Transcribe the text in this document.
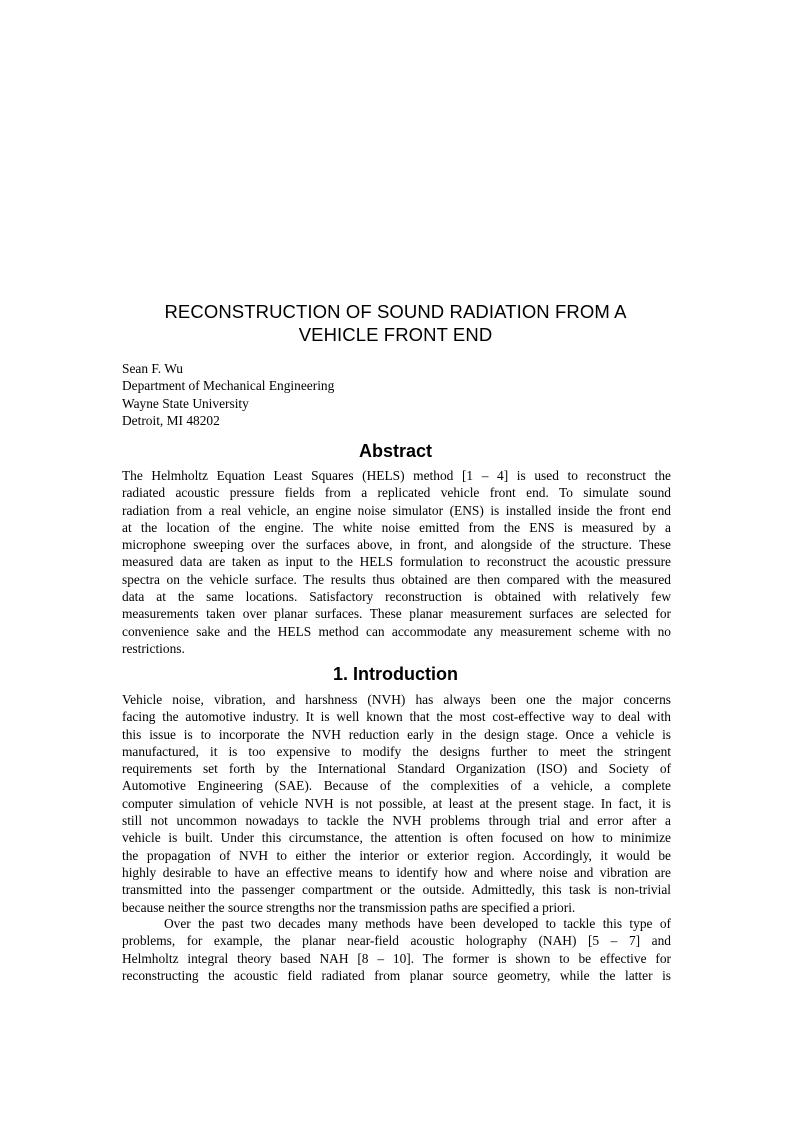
RECONSTRUCTION OF SOUND RADIATION FROM A
VEHICLE FRONT END
Sean F. Wu
Department of Mechanical Engineering
Wayne State University
Detroit, MI 48202
Abstract
The Helmholtz Equation Least Squares (HELS) method [1 – 4] is used to reconstruct the
radiated acoustic pressure fields from a replicated vehicle front end. To simulate sound
radiation from a real vehicle, an engine noise simulator (ENS) is installed inside the front end
at the location of the engine. The white noise emitted from the ENS is measured by a
microphone sweeping over the surfaces above, in front, and alongside of the structure. These
measured data are taken as input to the HELS formulation to reconstruct the acoustic pressure
spectra on the vehicle surface. The results thus obtained are then compared with the measured
data at the same locations. Satisfactory reconstruction is obtained with relatively few
measurements taken over planar surfaces. These planar measurement surfaces are selected for
convenience sake and the HELS method can accommodate any measurement scheme with no
restrictions.
1. Introduction
Vehicle noise, vibration, and harshness (NVH) has always been one the major concerns
facing the automotive industry. It is well known that the most cost-effective way to deal with
this issue is to incorporate the NVH reduction early in the design stage. Once a vehicle is
manufactured, it is too expensive to modify the designs further to meet the stringent
requirements set forth by the International Standard Organization (ISO) and Society of
Automotive Engineering (SAE). Because of the complexities of a vehicle, a complete
computer simulation of vehicle NVH is not possible, at least at the present stage. In fact, it is
still not uncommon nowadays to tackle the NVH problems through trial and error after a
vehicle is built. Under this circumstance, the attention is often focused on how to minimize
the propagation of NVH to either the interior or exterior region. Accordingly, it would be
highly desirable to have an effective means to identify how and where noise and vibration are
transmitted into the passenger compartment or the outside. Admittedly, this task is non-trivial
because neither the source strengths nor the transmission paths are specified a priori.
Over the past two decades many methods have been developed to tackle this type of
problems, for example, the planar near-field acoustic holography (NAH) [5 – 7] and
Helmholtz integral theory based NAH [8 – 10]. The former is shown to be effective for
reconstructing the acoustic field radiated from planar source geometry, while the latter is
